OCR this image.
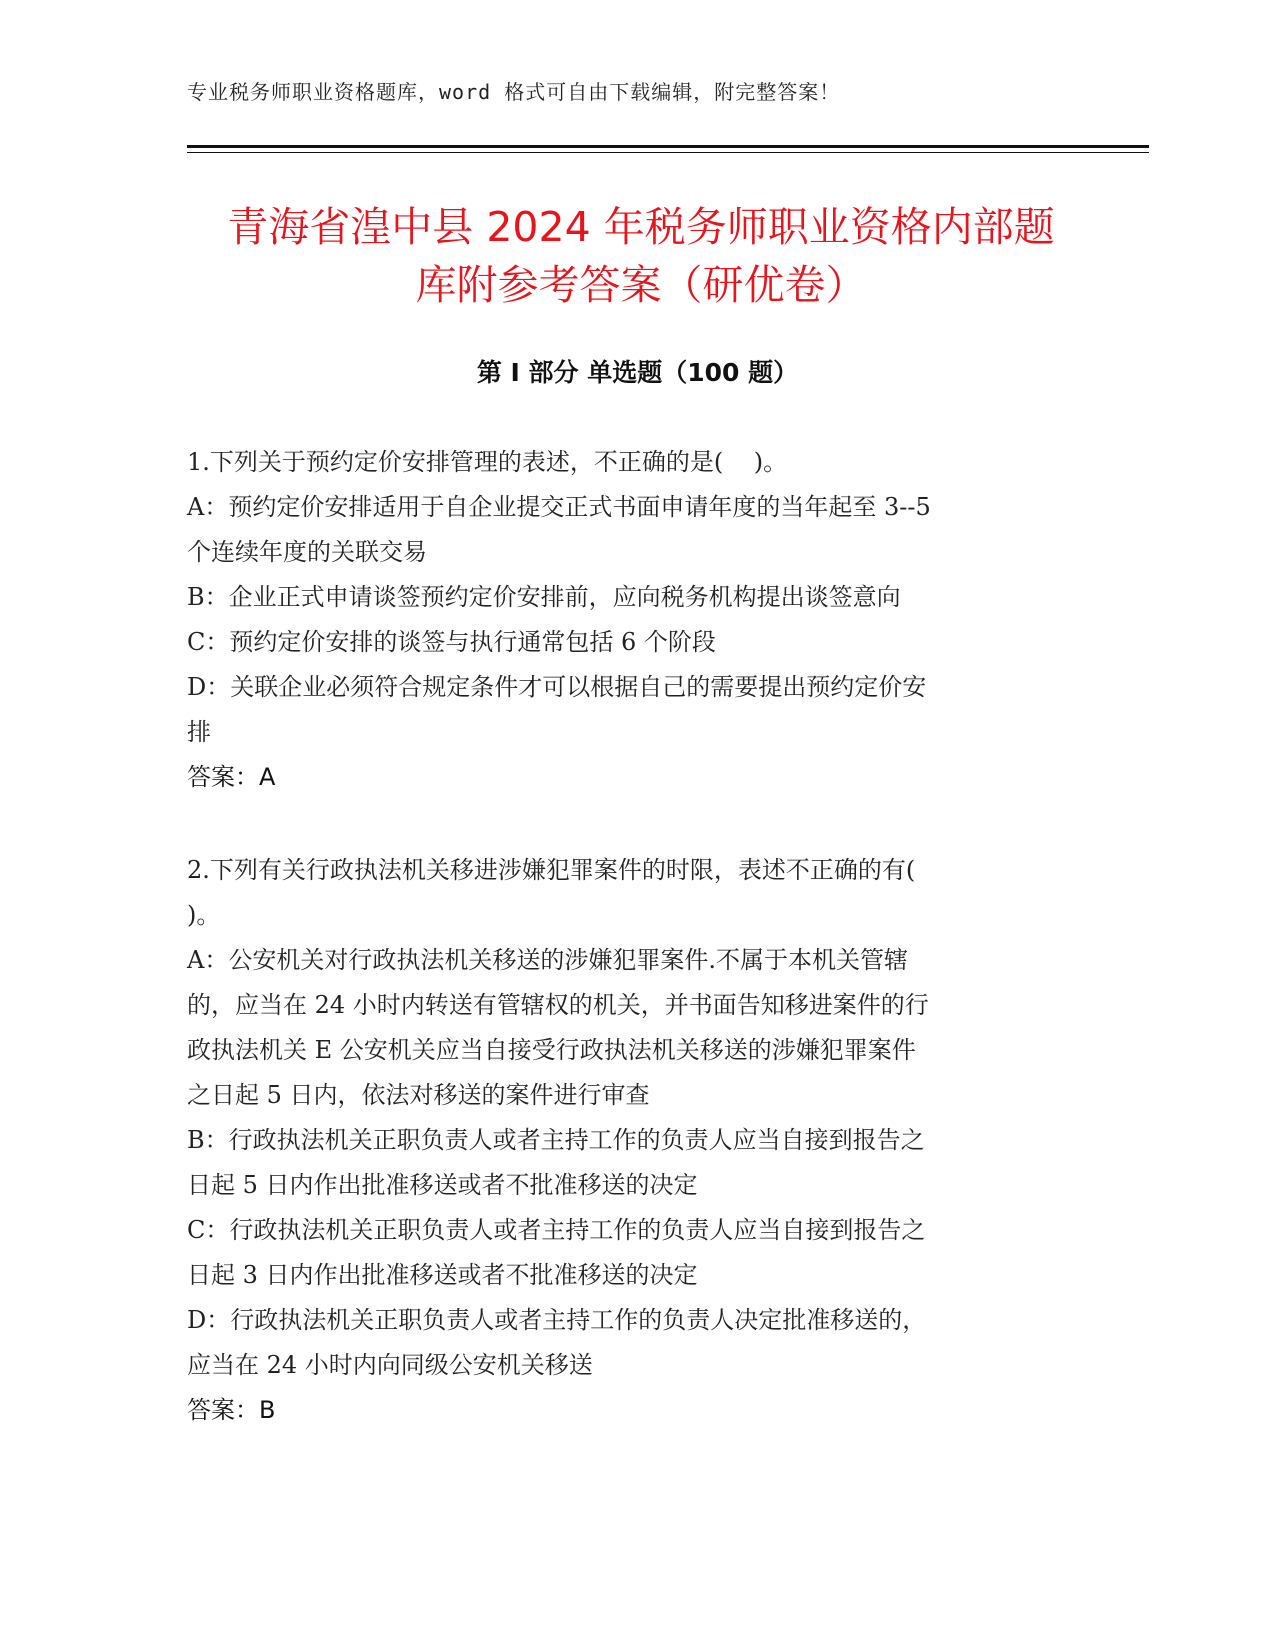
专业税务师职业资格题库，word 格式可自由下载编辑，附完整答案！
青海省湟中县 2024 年税务师职业资格内部题
库附参考答案（研优卷）
第 I 部分 单选题（100 题）
1.下列关于预约定价安排管理的表述，不正确的是(    )。
A：预约定价安排适用于自企业提交正式书面申请年度的当年起至 3--5
个连续年度的关联交易
B：企业正式申请谈签预约定价安排前，应向税务机构提出谈签意向
C：预约定价安排的谈签与执行通常包括 6 个阶段
D：关联企业必须符合规定条件才可以根据自己的需要提出预约定价安
排
答案：A
2.下列有关行政执法机关移进涉嫌犯罪案件的时限，表述不正确的有(
)。
A：公安机关对行政执法机关移送的涉嫌犯罪案件.不属于本机关管辖
的，应当在 24 小时内转送有管辖权的机关，并书面告知移进案件的行
政执法机关 E 公安机关应当自接受行政执法机关移送的涉嫌犯罪案件
之日起 5 日内，依法对移送的案件进行审查
B：行政执法机关正职负责人或者主持工作的负责人应当自接到报告之
日起 5 日内作出批准移送或者不批准移送的决定
C：行政执法机关正职负责人或者主持工作的负责人应当自接到报告之
日起 3 日内作出批准移送或者不批准移送的决定
D：行政执法机关正职负责人或者主持工作的负责人决定批准移送的，
应当在 24 小时内向同级公安机关移送
答案：B
